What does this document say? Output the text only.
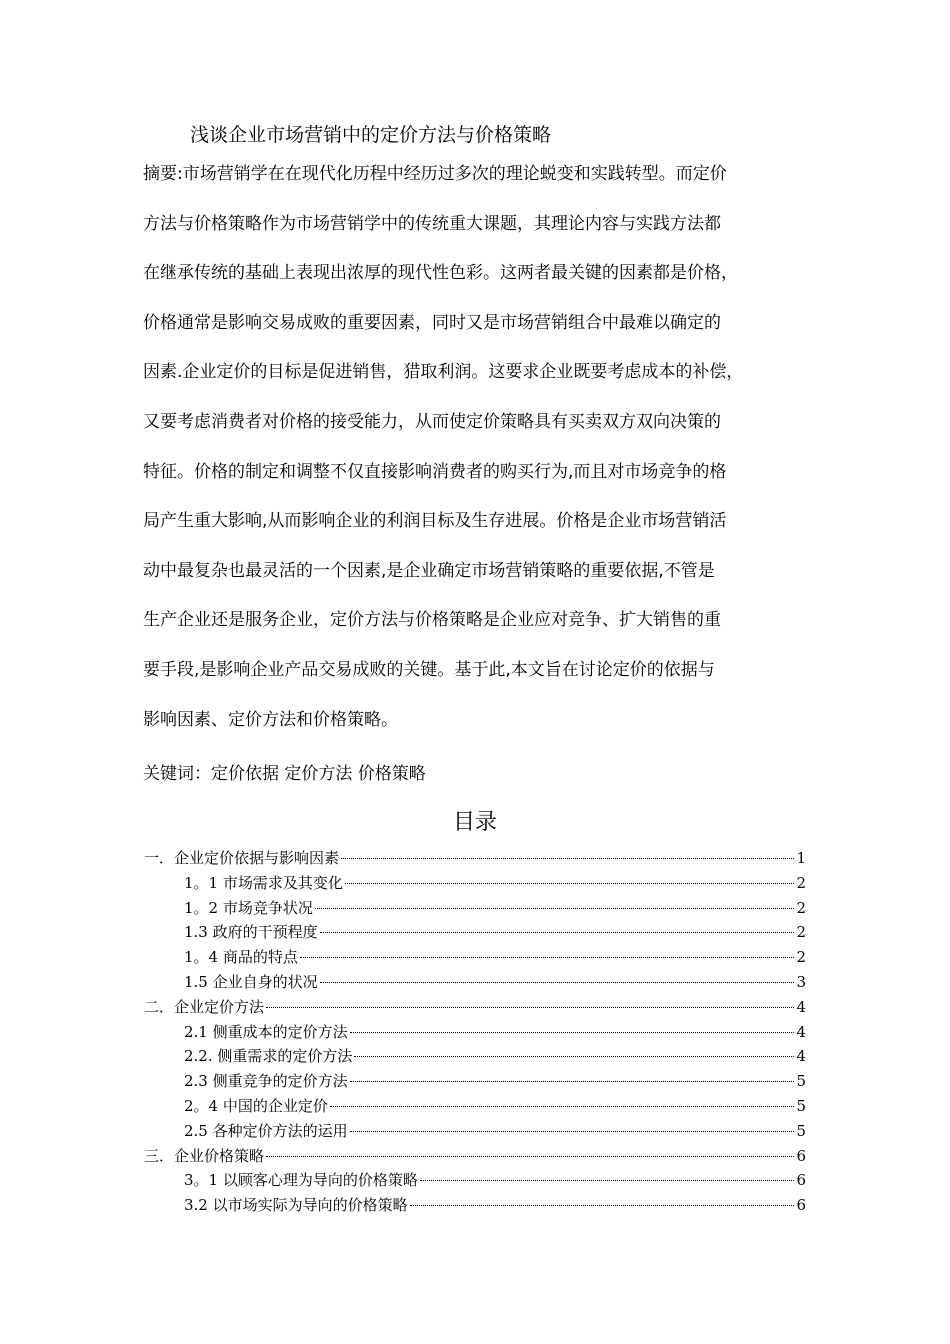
浅谈企业市场营销中的定价方法与价格策略
摘要:市场营销学在在现代化历程中经历过多次的理论蜕变和实践转型。而定价
方法与价格策略作为市场营销学中的传统重大课题，其理论内容与实践方法都
在继承传统的基础上表现出浓厚的现代性色彩。这两者最关键的因素都是价格，
价格通常是影响交易成败的重要因素，同时又是市场营销组合中最难以确定的
因素.企业定价的目标是促进销售，猎取利润。这要求企业既要考虑成本的补偿，
又要考虑消费者对价格的接受能力，从而使定价策略具有买卖双方双向决策的
特征。价格的制定和调整不仅直接影响消费者的购买行为,而且对市场竞争的格
局产生重大影响,从而影响企业的利润目标及生存进展。价格是企业市场营销活
动中最复杂也最灵活的一个因素,是企业确定市场营销策略的重要依据,不管是
生产企业还是服务企业，定价方法与价格策略是企业应对竞争、扩大销售的重
要手段,是影响企业产品交易成败的关键。基于此,本文旨在讨论定价的依据与
影响因素、定价方法和价格策略。
关键词：定价依据 定价方法 价格策略
目录
一．企业定价依据与影响因素	1
1。1 市场需求及其变化	2
1。2 市场竞争状况	2
1.3 政府的干预程度	2
1。4 商品的特点	2
1.5 企业自身的状况	3
二．企业定价方法	4
2.1 侧重成本的定价方法	4
2.2. 侧重需求的定价方法	4
2.3 侧重竞争的定价方法	5
2。4 中国的企业定价	5
2.5 各种定价方法的运用	5
三．企业价格策略	6
3。1 以顾客心理为导向的价格策略	6
3.2 以市场实际为导向的价格策略	6
